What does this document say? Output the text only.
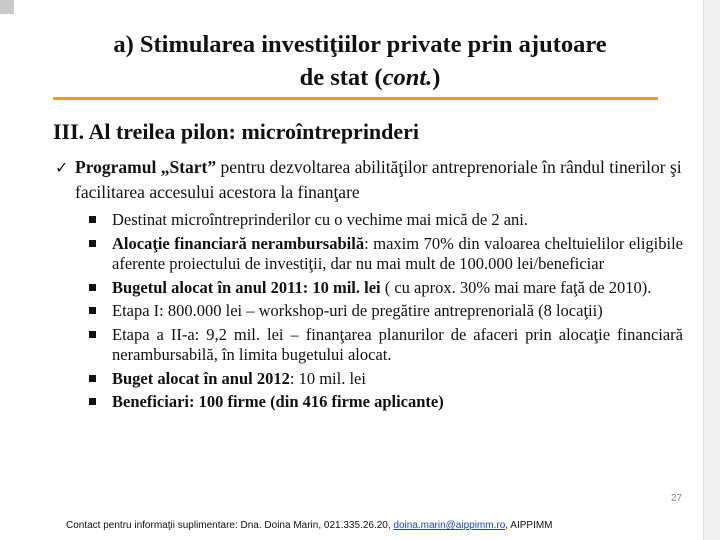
a) Stimularea investiţiilor private prin ajutoare
de stat (cont.)
III. Al treilea pilon: microîntreprinderi
✓ Programul „Start” pentru dezvoltarea abilităţilor antreprenoriale în rândul tinerilor şi facilitarea accesului acestora la finanţare
Destinat microîntreprinderilor cu o vechime mai mică de 2 ani.
Alocaţie financiară nerambursabilă: maxim 70% din valoarea cheltuielilor eligibile aferente proiectului de investiţii, dar nu mai mult de 100.000 lei/beneficiar
Bugetul alocat în anul 2011: 10 mil. lei ( cu aprox. 30% mai mare faţă de 2010).
Etapa I: 800.000 lei – workshop-uri de pregătire antreprenorială (8 locaţii)
Etapa a II-a: 9,2 mil. lei – finanţarea planurilor de afaceri prin alocaţie financiară nerambursabilă, în limita bugetului alocat.
Buget alocat în anul 2012: 10 mil. lei
Beneficiari: 100 firme (din 416 firme aplicante)
27
Contact pentru informaţii suplimentare: Dna. Doina Marin, 021.335.26.20, doina.marin@aippimm.ro, AIPPIMM
